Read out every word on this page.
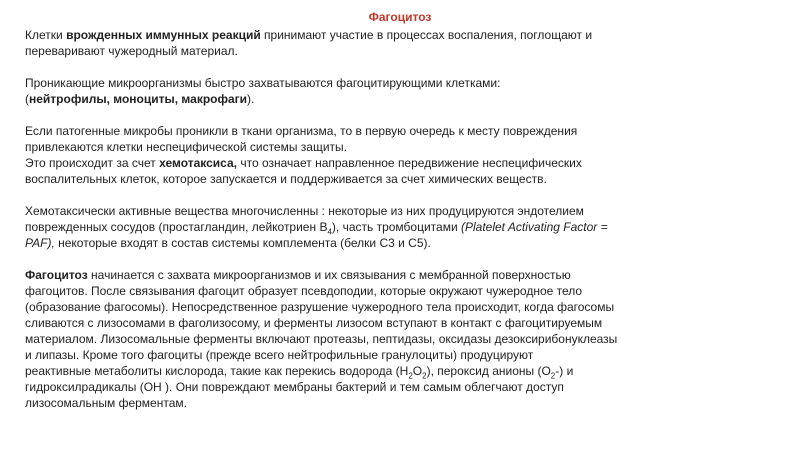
Фагоцитоз
Клетки врожденных иммунных реакций принимают участие в процессах воспаления, поглощают и
переваривают чужеродный материал.
Проникающие микроорганизмы быстро захватываются фагоцитирующими клетками:
(нейтрофилы, моноциты, макрофаги).
Если патогенные микробы проникли в ткани организма, то в первую очередь к месту повреждения
привлекаются клетки неспецифической системы защиты.
Это происходит за счет хемотаксиса, что означает направленное передвижение неспецифических
воспалительных клеток, которое запускается и поддерживается за счет химических веществ.
Хемотаксически активные вещества многочисленны : некоторые из них продуцируются эндотелием
поврежденных сосудов (простагландин, лейкотриен $B_4$), часть тромбоцитами (Platelet Activating Factor =
PAF), некоторые входят в состав системы комплемента (белки С3 и С5).
Фагоцитоз начинается с захвата микроорганизмов и их связывания с мембранной поверхностью
фагоцитов. После связывания фагоцит образует псевдоподии, которые окружают чужеродное тело
(образование фагосомы). Непосредственное разрушение чужеродного тела происходит, когда фагосомы
сливаются с лизосомами в фаголизосому, и ферменты лизосом вступают в контакт с фагоцитируемым
материалом. Лизосомальные ферменты включают протеазы, пептидазы, оксидазы дезоксирибонуклеазы
и липазы. Кроме того фагоциты (прежде всего нейтрофильные гранулоциты) продуцируют
реактивные метаболиты кислорода, такие как перекись водорода $(H_2O_2)$, пероксид анионы $(O_2-)$ и
гидроксилрадикалы (OH ). Они повреждают мембраны бактерий и тем самым облегчают доступ
лизосомальным ферментам.
